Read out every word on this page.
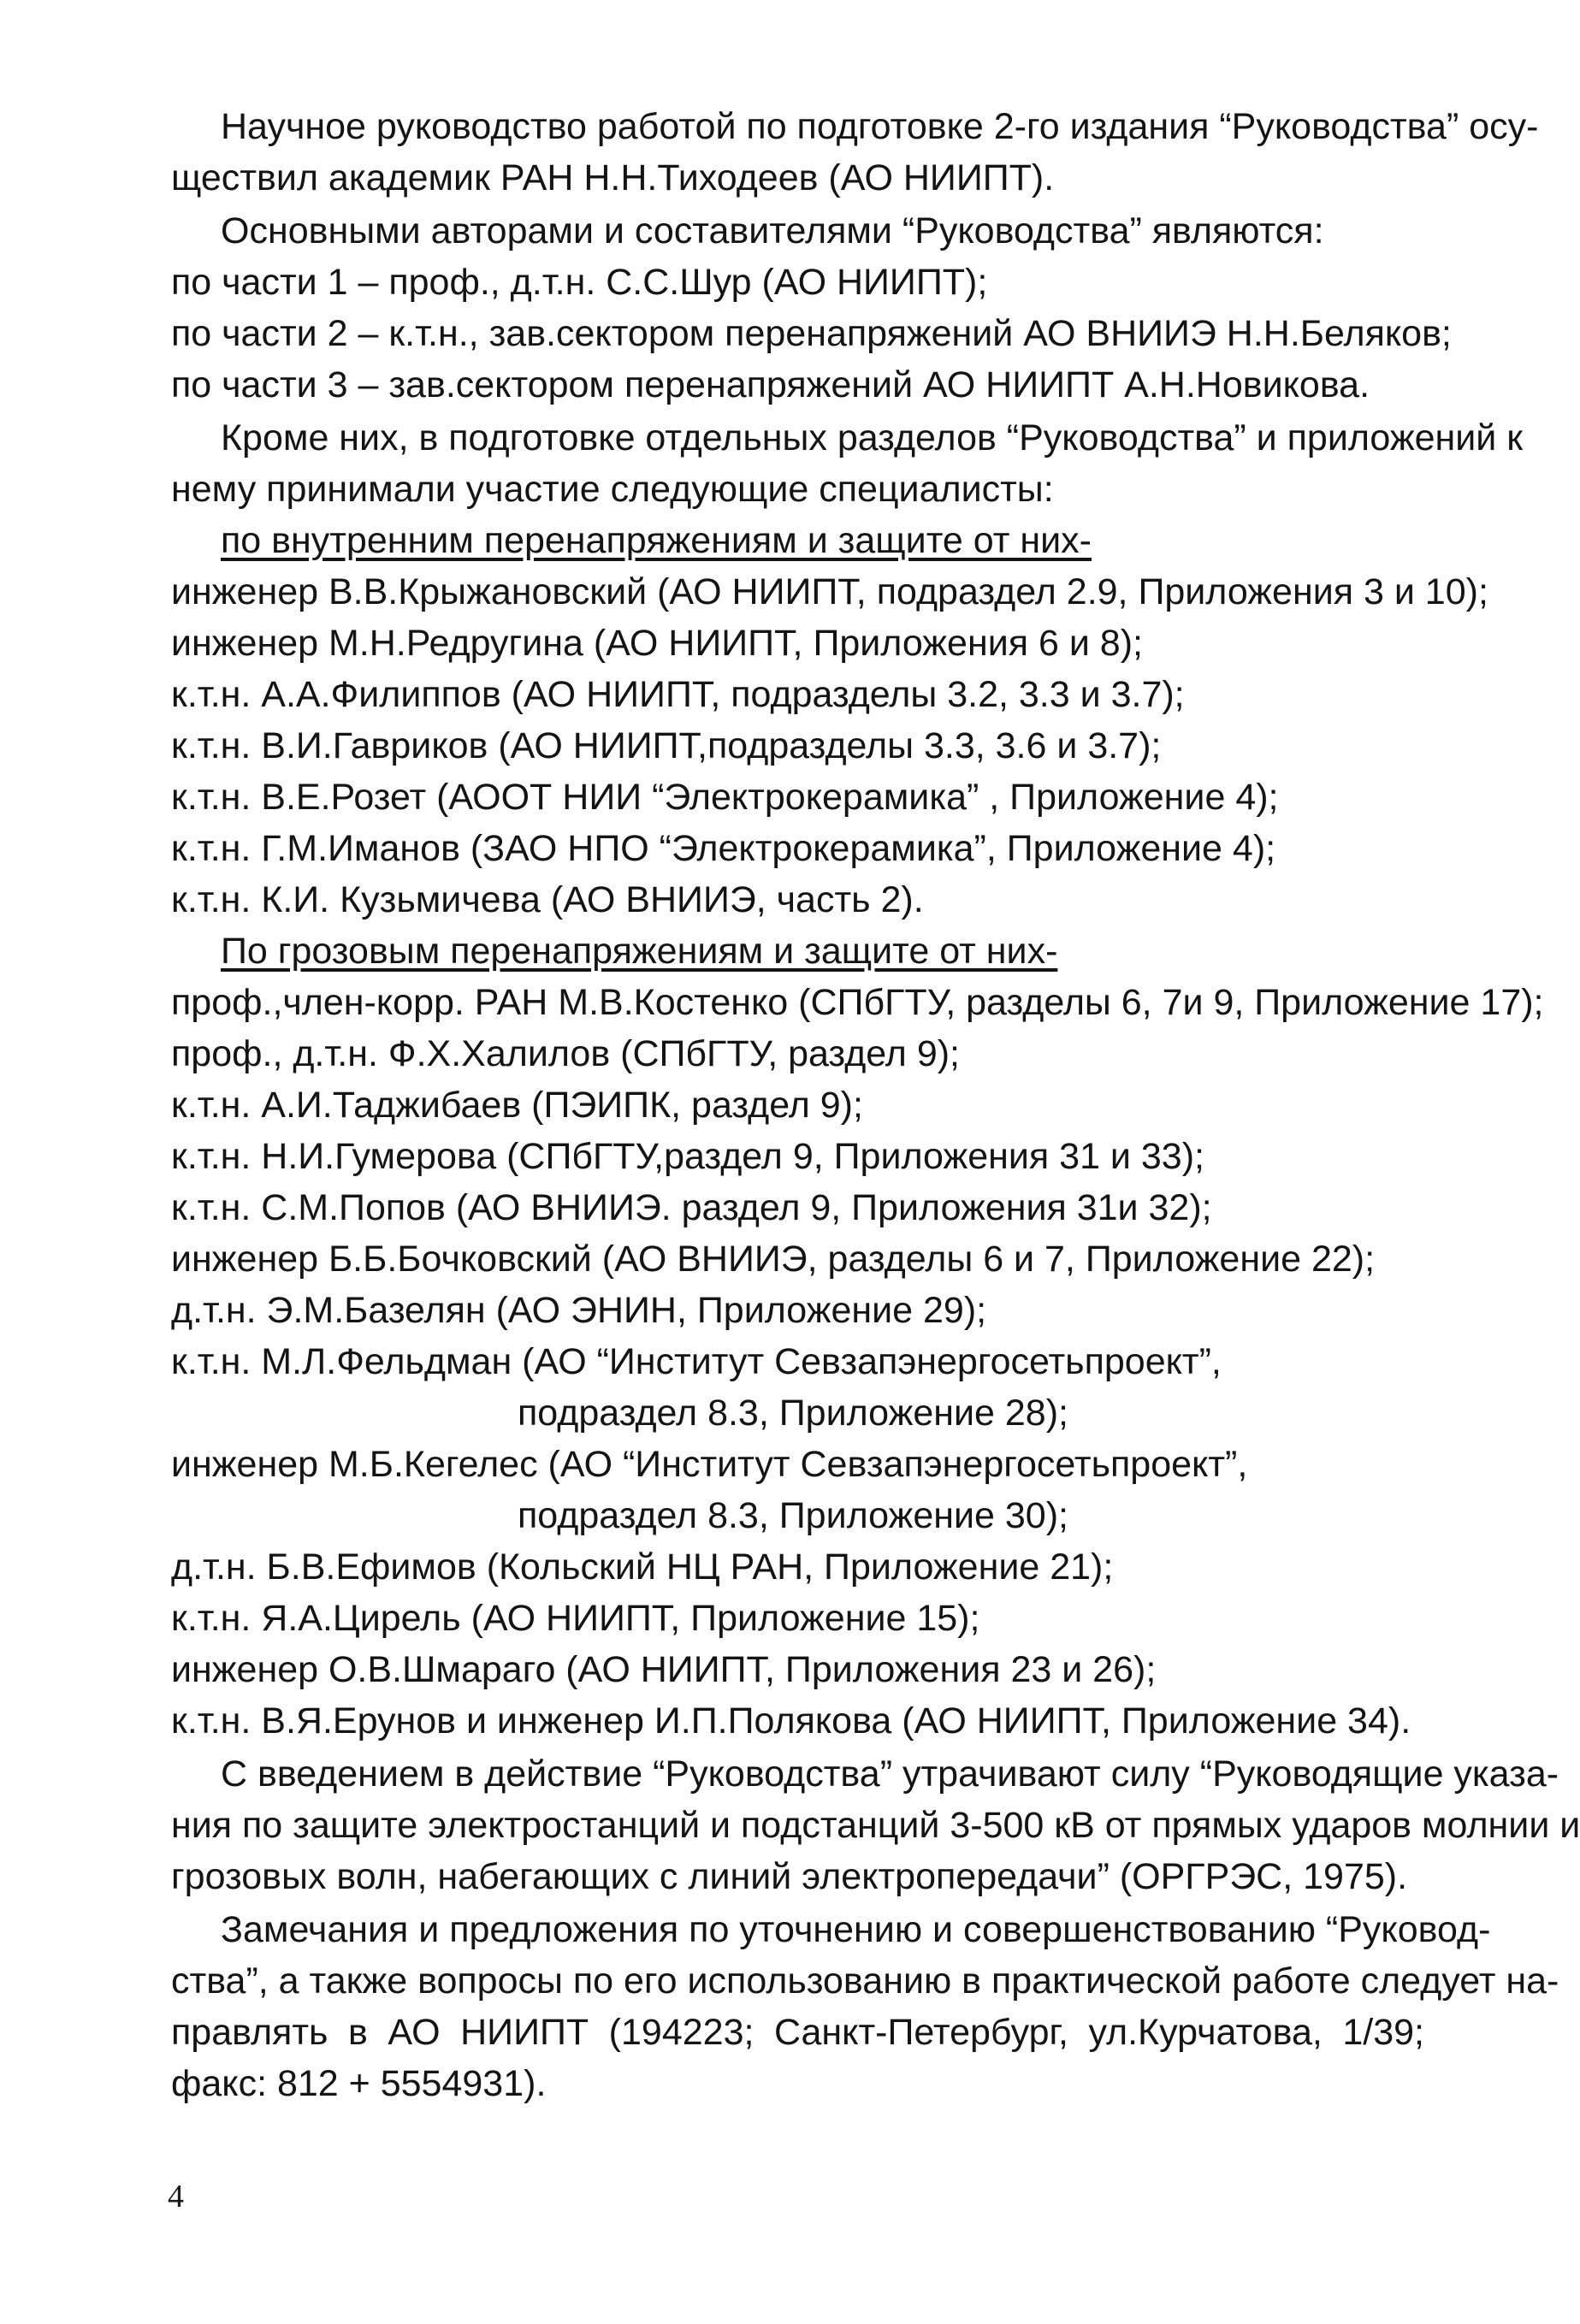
Научное руководство работой по подготовке 2-го издания “Руководства” осу-
ществил академик РАН Н.Н.Тиходеев (АО НИИПТ).
Основными авторами и составителями “Руководства” являются:
по части 1 – проф., д.т.н. С.С.Шур (АО НИИПТ);
по части 2 – к.т.н., зав.сектором перенапряжений АО ВНИИЭ Н.Н.Беляков;
по части 3 – зав.сектором перенапряжений АО НИИПТ А.Н.Новикова.
Кроме них, в подготовке отдельных разделов “Руководства” и приложений к
нему принимали участие следующие специалисты:
по внутренним перенапряжениям и защите от них-
инженер В.В.Крыжановский (АО НИИПТ, подраздел 2.9, Приложения 3 и 10);
инженер М.Н.Редругина (АО НИИПТ, Приложения 6 и 8);
к.т.н. А.А.Филиппов (АО НИИПТ, подразделы 3.2, 3.3 и 3.7);
к.т.н. В.И.Гавриков (АО НИИПТ,подразделы 3.3, 3.6 и 3.7);
к.т.н. В.Е.Розет (АООТ НИИ “Электрокерамика” , Приложение 4);
к.т.н. Г.М.Иманов (ЗАО НПО “Электрокерамика”, Приложение 4);
к.т.н. К.И. Кузьмичева (АО ВНИИЭ, часть 2).
По грозовым перенапряжениям и защите от них-
проф.,член-корр. РАН М.В.Костенко (СПбГТУ, разделы 6, 7и 9, Приложение 17);
проф., д.т.н. Ф.Х.Халилов (СПбГТУ, раздел 9);
к.т.н. А.И.Таджибаев (ПЭИПК, раздел 9);
к.т.н. Н.И.Гумерова (СПбГТУ,раздел 9, Приложения 31 и 33);
к.т.н. С.М.Попов (АО ВНИИЭ. раздел 9, Приложения 31и 32);
инженер Б.Б.Бочковский (АО ВНИИЭ, разделы 6 и 7, Приложение 22);
д.т.н. Э.М.Базелян (АО ЭНИН, Приложение 29);
к.т.н. М.Л.Фельдман (АО “Институт Севзапэнергосетьпроект”,
подраздел 8.3, Приложение 28);
инженер М.Б.Кегелес (АО “Институт Севзапэнергосетьпроект”,
подраздел 8.3, Приложение 30);
д.т.н. Б.В.Ефимов (Кольский НЦ РАН, Приложение 21);
к.т.н. Я.А.Цирель (АО НИИПТ, Приложение 15);
инженер О.В.Шмараго (АО НИИПТ, Приложения 23 и 26);
к.т.н. В.Я.Ерунов и инженер И.П.Полякова (АО НИИПТ, Приложение 34).
С введением в действие “Руководства” утрачивают силу “Руководящие указа-
ния по защите электростанций и подстанций 3-500 кВ от прямых ударов молнии и
грозовых волн, набегающих с линий электропередачи” (ОРГРЭС, 1975).
Замечания и предложения по уточнению и совершенствованию “Руковод-
ства”, а также вопросы по его использованию в практической работе следует на-
правлять в АО НИИПТ (194223; Санкт-Петербург, ул.Курчатова, 1/39;
факс: 812 + 5554931).
4
